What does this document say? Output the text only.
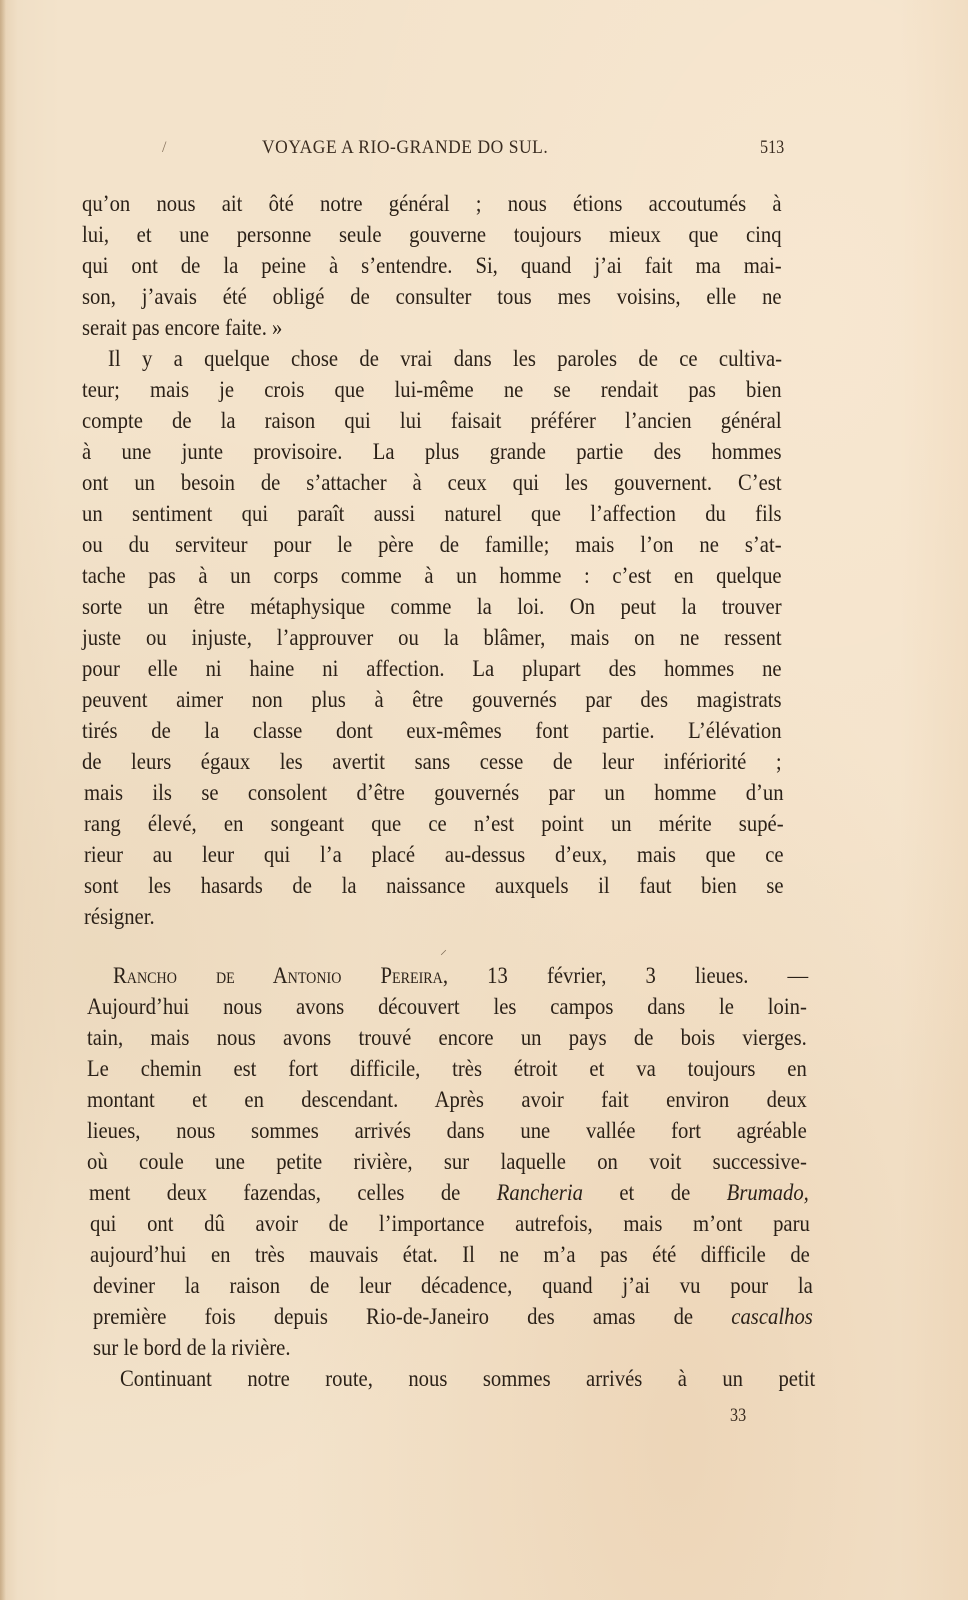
/	VOYAGE A RIO-GRANDE DO SUL.	513
qu’on nous ait ôté notre général ; nous étions accoutumés à
lui, et une personne seule gouverne toujours mieux que cinq
qui ont de la peine à s’entendre. Si, quand j’ai fait ma mai-
son, j’avais été obligé de consulter tous mes voisins, elle ne
serait pas encore faite. »
Il y a quelque chose de vrai dans les paroles de ce cultiva-
teur; mais je crois que lui-même ne se rendait pas bien
compte de la raison qui lui faisait préférer l’ancien général
à une junte provisoire. La plus grande partie des hommes
ont un besoin de s’attacher à ceux qui les gouvernent. C’est
un sentiment qui paraît aussi naturel que l’affection du fils
ou du serviteur pour le père de famille; mais l’on ne s’at-
tache pas à un corps comme à un homme : c’est en quelque
sorte un être métaphysique comme la loi. On peut la trouver
juste ou injuste, l’approuver ou la blâmer, mais on ne ressent
pour elle ni haine ni affection. La plupart des hommes ne
peuvent aimer non plus à être gouvernés par des magistrats
tirés de la classe dont eux-mêmes font partie. L’élévation
de leurs égaux les avertit sans cesse de leur infériorité ;
mais ils se consolent d’être gouvernés par un homme d’un
rang élevé, en songeant que ce n’est point un mérite supé-
rieur au leur qui l’a placé au-dessus d’eux, mais que ce
sont les hasards de la naissance auxquels il faut bien se
résigner.
⸝
Rancho de Antonio Pereira, 13 février, 3 lieues. —
Aujourd’hui nous avons découvert les campos dans le loin-
tain, mais nous avons trouvé encore un pays de bois vierges.
Le chemin est fort difficile, très étroit et va toujours en
montant et en descendant. Après avoir fait environ deux
lieues, nous sommes arrivés dans une vallée fort agréable
où coule une petite rivière, sur laquelle on voit successive-
ment deux fazendas, celles de Rancheria et de Brumado,
qui ont dû avoir de l’importance autrefois, mais m’ont paru
aujourd’hui en très mauvais état. Il ne m’a pas été difficile de
deviner la raison de leur décadence, quand j’ai vu pour la
première fois depuis Rio-de-Janeiro des amas de cascalhos
sur le bord de la rivière.
Continuant notre route, nous sommes arrivés à un petit
33
